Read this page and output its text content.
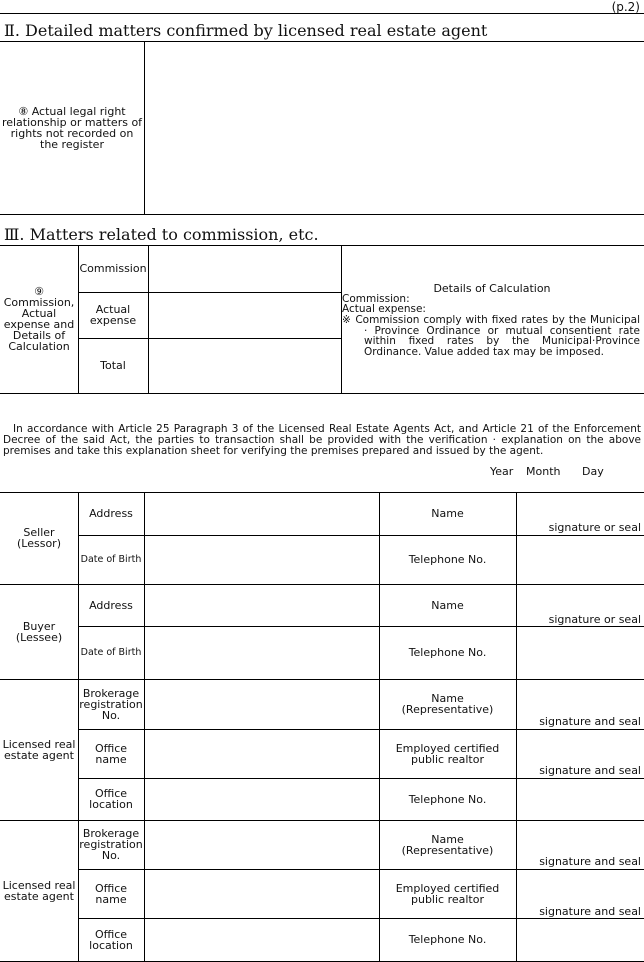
(p.2)
Ⅱ. Detailed matters confirmed by licensed real estate agent
⑧ Actual legal right
relationship or matters of
rights not recorded on
the register
Ⅲ. Matters related to commission, etc.
⑨
Commission,
Actual
expense and
Details of
Calculation
Commission
Actual
expense
Total
Details of Calculation
Commission:
Actual expense:
※ Commission comply with fixed rates by the Municipal · Province Ordinance or mutual consentient rate within fixed rates by the Municipal·Province Ordinance. Value added tax may be imposed.
In accordance with Article 25 Paragraph 3 of the Licensed Real Estate Agents Act, and Article 21 of the Enforcement Decree of the said Act, the parties to transaction shall be provided with the verification · explanation on the above premises and take this explanation sheet for verifying the premises prepared and issued by the agent.
Year Month Day
Seller
(Lessor)
Address
Date of Birth
Name
Telephone No.
signature or seal
Buyer
(Lessee)
Address
Date of Birth
Name
Telephone No.
signature or seal
Licensed real
estate agent
Brokerage
registration
No.
Office name
Office
location
Name
(Representative)
Employed certified
public realtor
Telephone No.
signature and seal
signature and seal
Licensed real
estate agent
Brokerage
registration
No.
Office name
Office
location
Name
(Representative)
Employed certified
public realtor
Telephone No.
signature and seal
signature and seal
